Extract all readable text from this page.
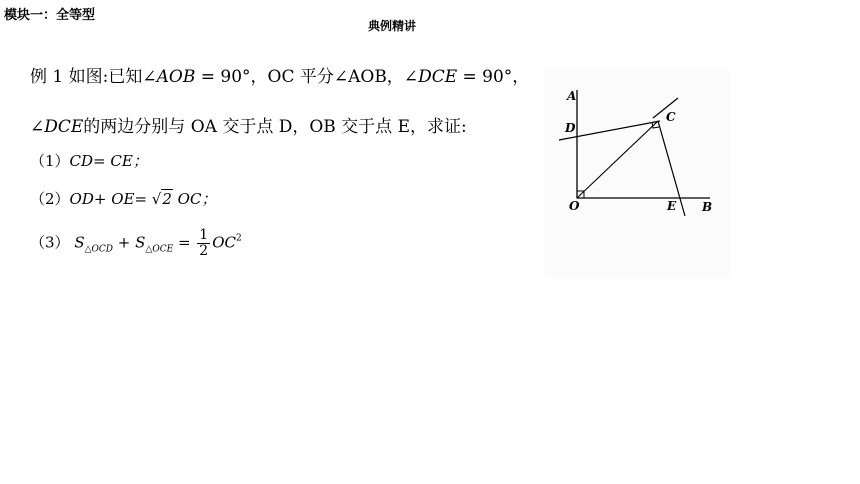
模块一：全等型
典例精讲
例 1 如图:已知∠AOB = 90°，OC 平分∠AOB，∠DCE = 90°，
∠DCE的两边分别与 OA 交于点 D，OB 交于点 E，求证:
（1）CD= CE；
（2）OD+ OE= √2 OC；
（3） $S_{\triangle OCD} + S_{\triangle OCE} = \frac{1}{2} OC^2$
A
D
C
O	E B
